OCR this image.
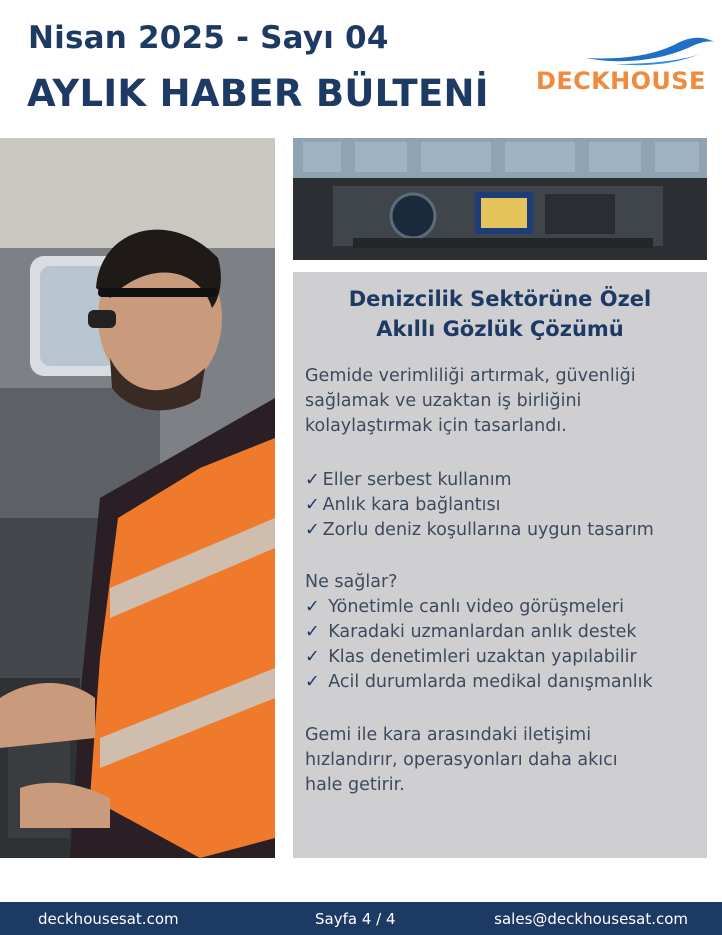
Nisan 2025 - Sayı 04
AYLIK HABER BÜLTENİ DECKHOUSE
Denizcilik Sektörüne Özel
Akıllı Gözlük Çözümü
Gemide verimliliği artırmak, güvenliği
sağlamak ve uzaktan iş birliğini
kolaylaştırmak için tasarlandı.
✓ Eller serbest kullanım
✓ Anlık kara bağlantısı
✓ Zorlu deniz koşullarına uygun tasarım
Ne sağlar?
✓ Yönetimle canlı video görüşmeleri
✓ Karadaki uzmanlardan anlık destek
✓ Klas denetimleri uzaktan yapılabilir
✓ Acil durumlarda medikal danışmanlık
Gemi ile kara arasındaki iletişimi
hızlandırır, operasyonları daha akıcı
hale getirir.
deckhousesat.com	Sayfa 4 / 4	sales@deckhousesat.com
